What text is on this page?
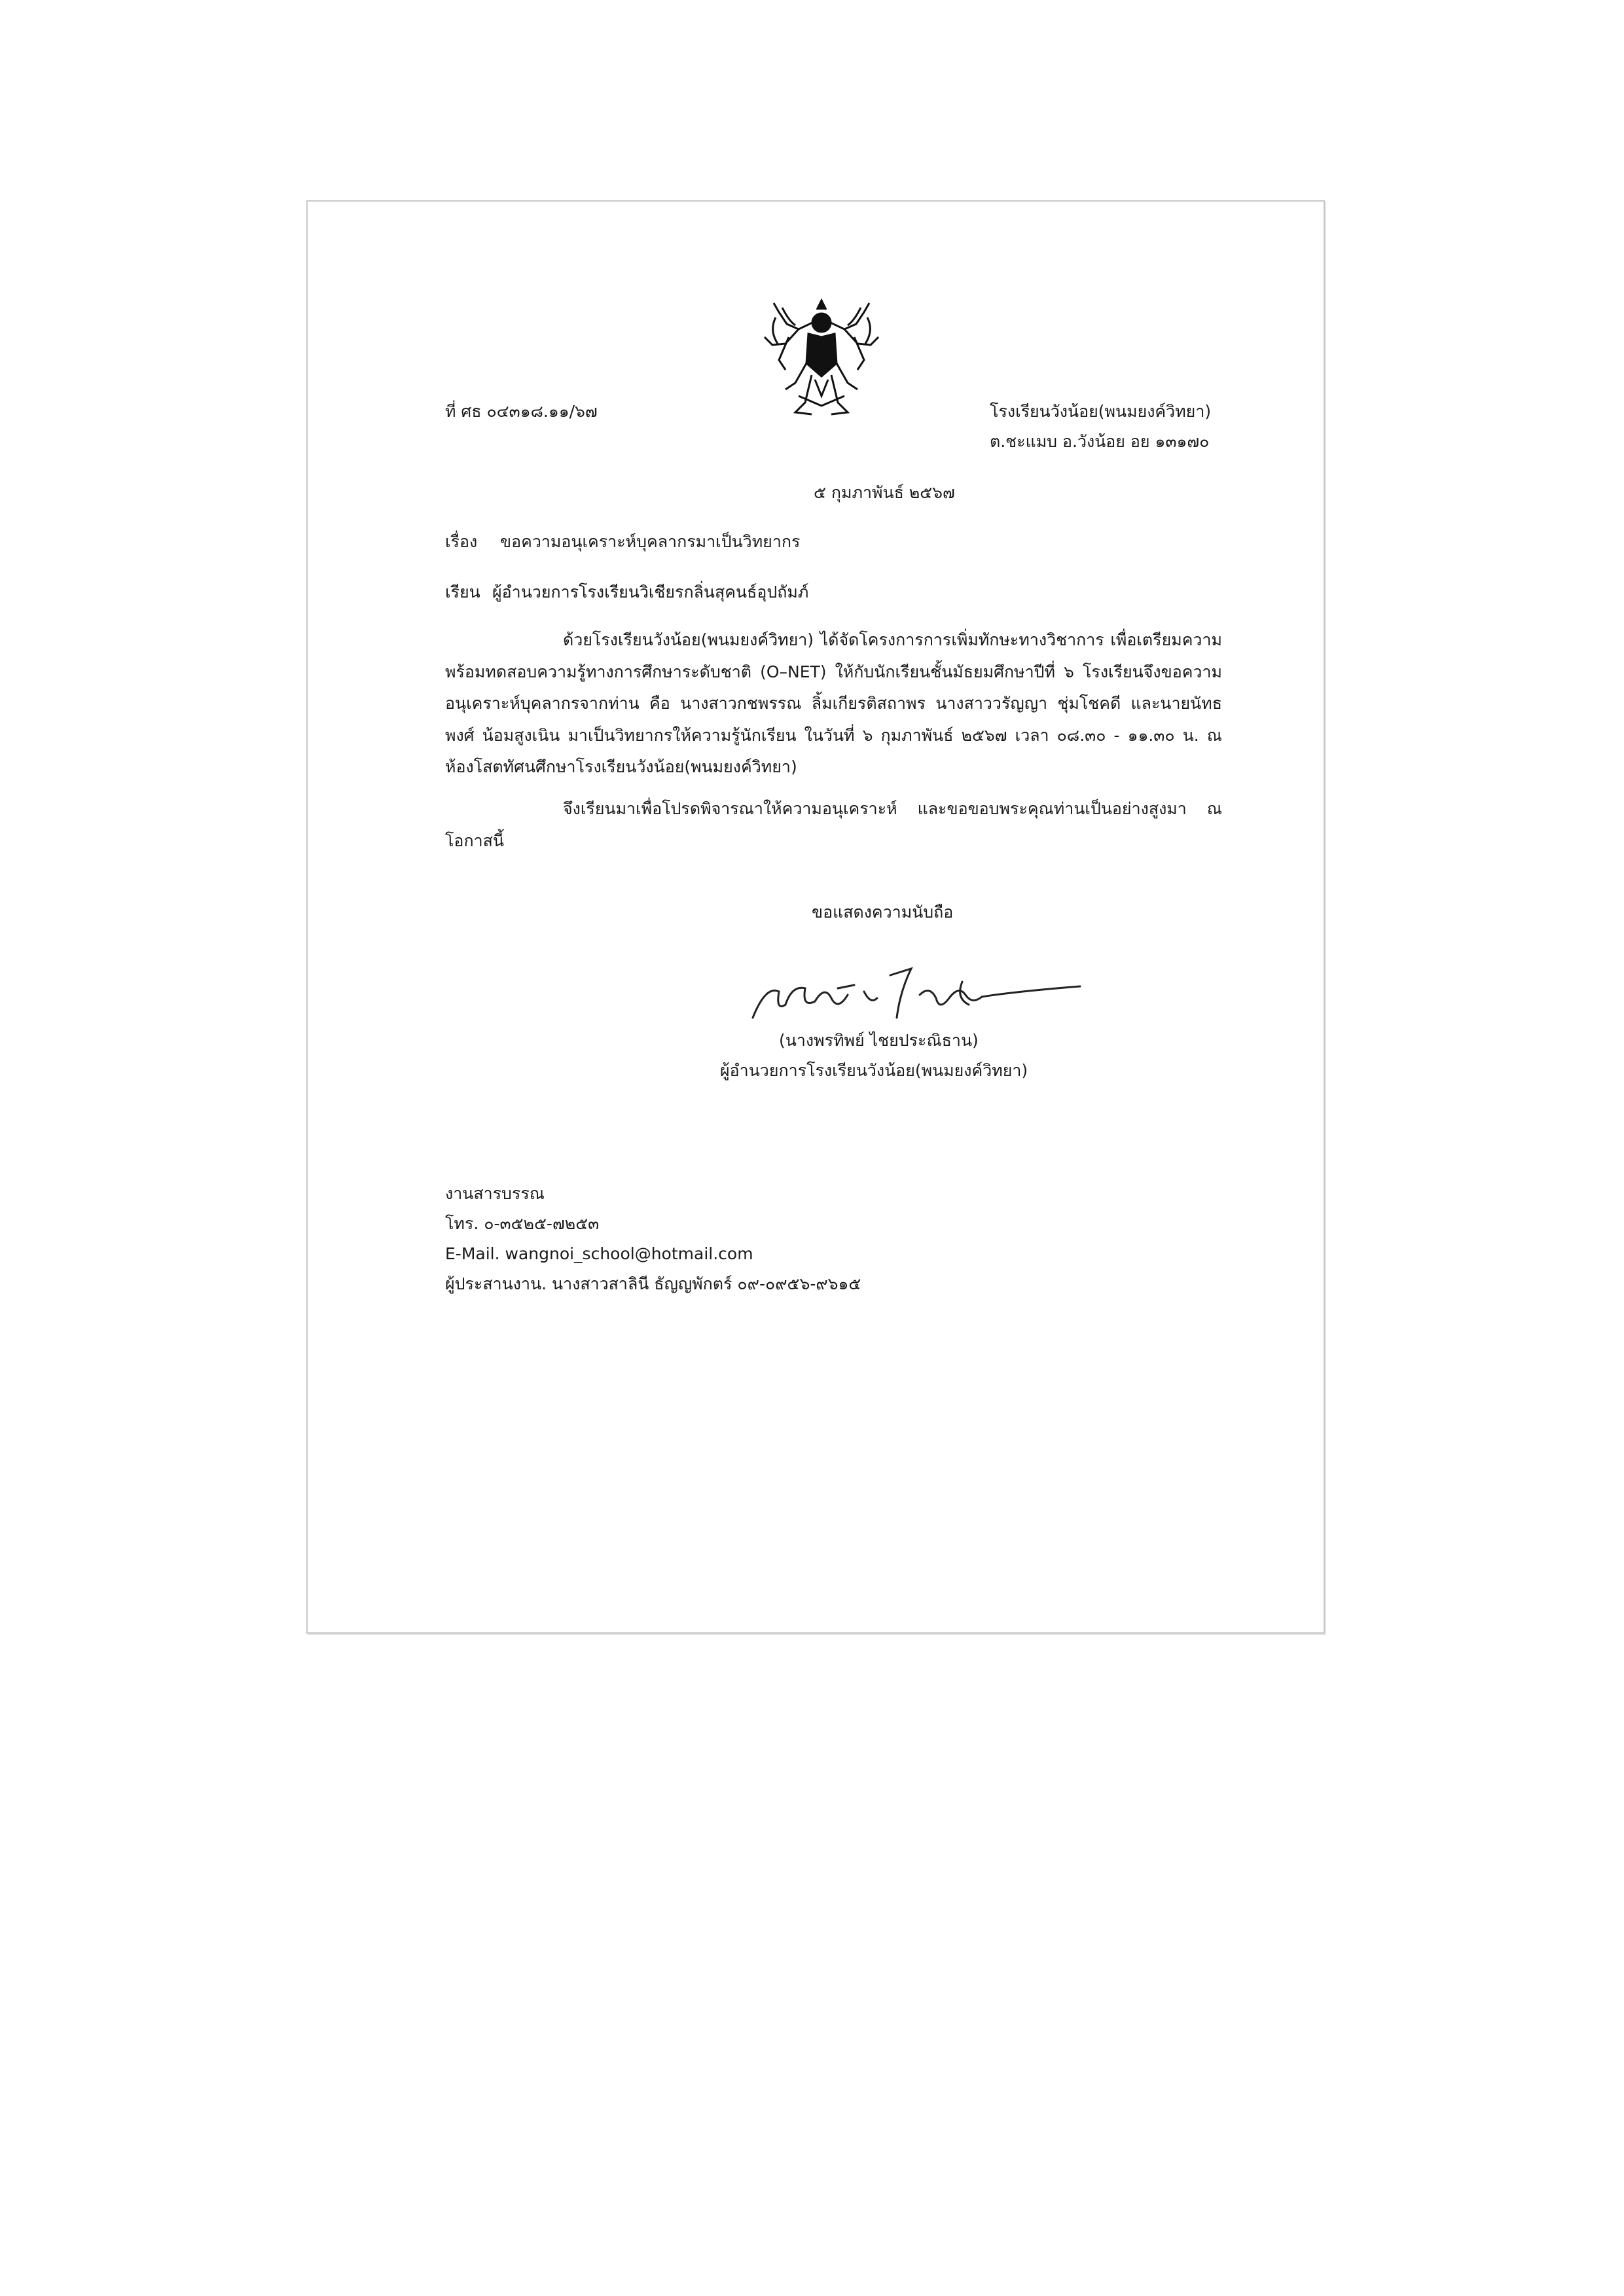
ที่ ศธ ๐๔๓๑๘.๑๑/๖๗	โรงเรียนวังน้อย(พนมยงค์วิทยา)
ต.ชะแมบ อ.วังน้อย อย ๑๓๑๗๐
๕ กุมภาพันธ์ ๒๕๖๗
เรื่อง ขอความอนุเคราะห์บุคลากรมาเป็นวิทยากร
เรียน ผู้อำนวยการโรงเรียนวิเชียรกลิ่นสุคนธ์อุปถัมภ์
ด้วยโรงเรียนวังน้อย(พนมยงค์วิทยา) ได้จัดโครงการการเพิ่มทักษะทางวิชาการ เพื่อเตรียมความพร้อมทดสอบความรู้ทางการศึกษาระดับชาติ (O–NET) ให้กับนักเรียนชั้นมัธยมศึกษาปีที่ ๖ โรงเรียนจึงขอความอนุเคราะห์บุคลากรจากท่าน คือ นางสาวกชพรรณ ลิ้มเกียรติสถาพร นางสาววรัญญา ชุ่มโชคดี และนายนัทธพงศ์ น้อมสูงเนิน มาเป็นวิทยากรให้ความรู้นักเรียน ในวันที่ ๖ กุมภาพันธ์ ๒๕๖๗ เวลา ๐๘.๓๐ - ๑๑.๓๐ น. ณ ห้องโสตทัศนศึกษาโรงเรียนวังน้อย(พนมยงค์วิทยา)
จึงเรียนมาเพื่อโปรดพิจารณาให้ความอนุเคราะห์ และขอขอบพระคุณท่านเป็นอย่างสูงมา ณ โอกาสนี้
ขอแสดงความนับถือ
(นางพรทิพย์ ไชยประณิธาน)
ผู้อำนวยการโรงเรียนวังน้อย(พนมยงค์วิทยา)
งานสารบรรณ
โทร. ๐-๓๕๒๕-๗๒๕๓
E-Mail. wangnoi_school@hotmail.com
ผู้ประสานงาน. นางสาวสาลินี ธัญญพักตร์ ๐๙-๐๙๕๖-๙๖๑๕
